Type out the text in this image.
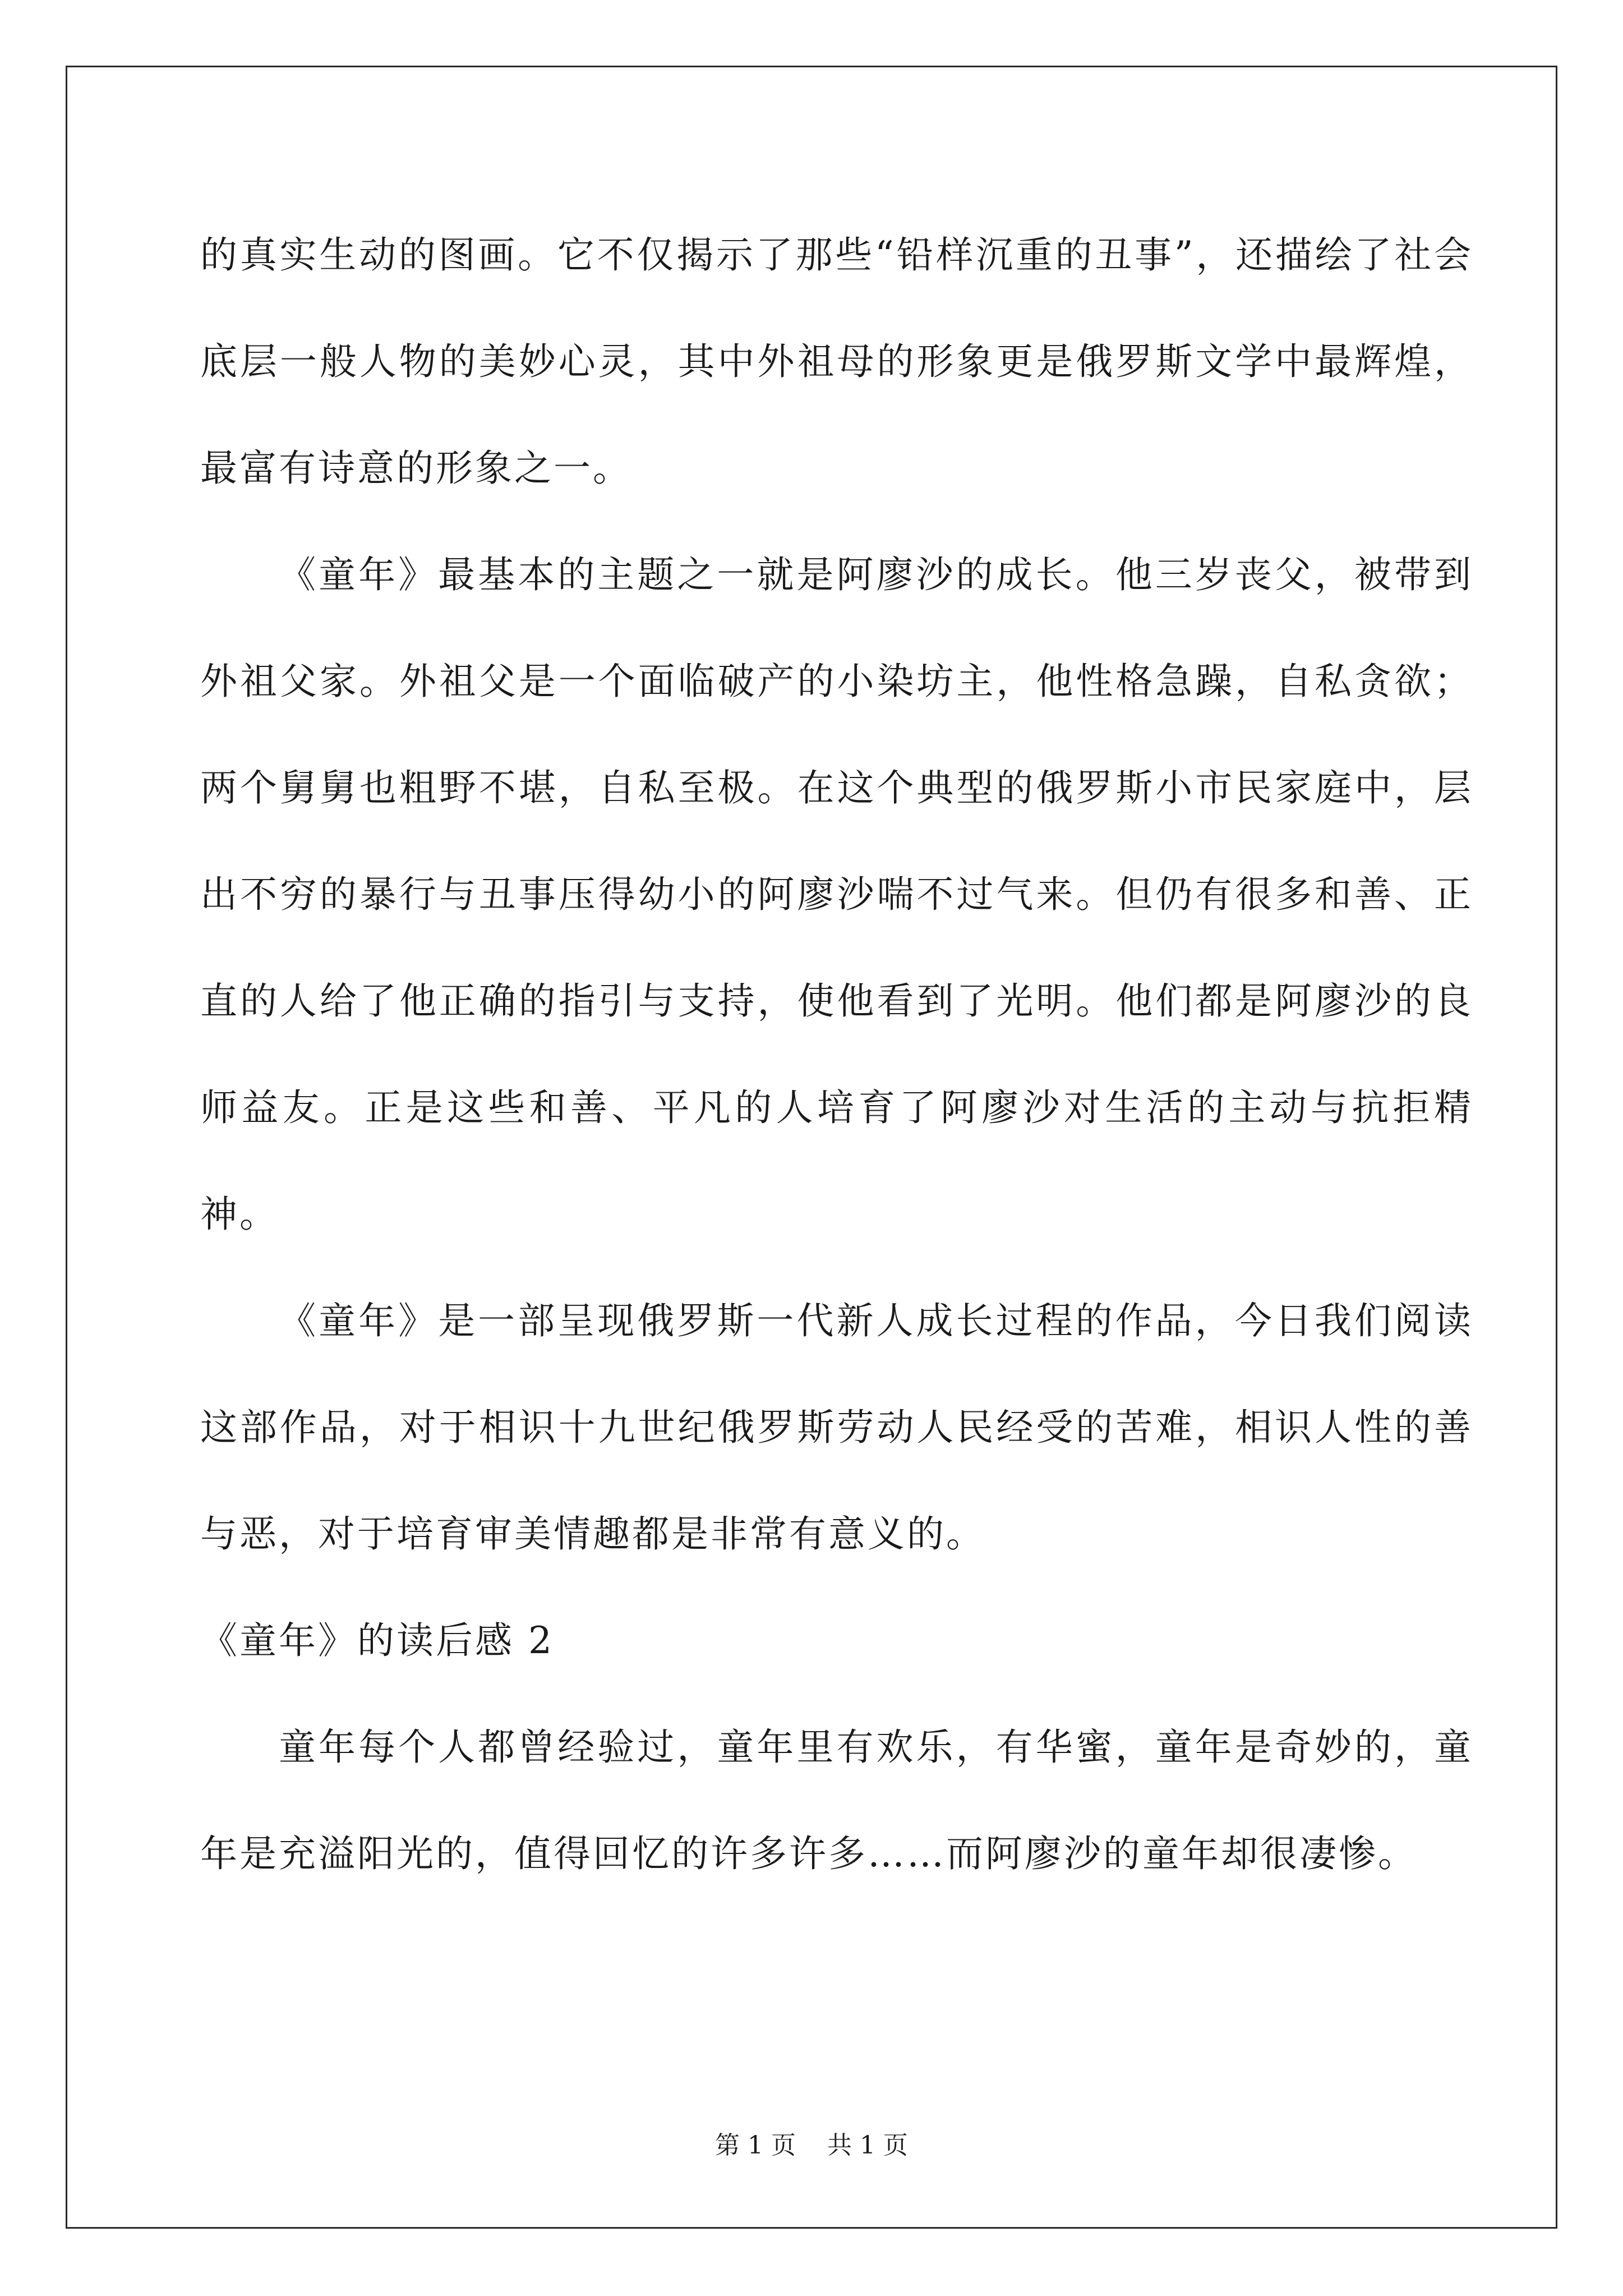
的真实生动的图画。它不仅揭示了那些“铅样沉重的丑事”，还描绘了社会底层一般人物的美妙心灵，其中外祖母的形象更是俄罗斯文学中最辉煌，最富有诗意的形象之一。

《童年》最基本的主题之一就是阿廖沙的成长。他三岁丧父，被带到外祖父家。外祖父是一个面临破产的小染坊主，他性格急躁，自私贪欲；两个舅舅也粗野不堪，自私至极。在这个典型的俄罗斯小市民家庭中，层出不穷的暴行与丑事压得幼小的阿廖沙喘不过气来。但仍有很多和善、正直的人给了他正确的指引与支持，使他看到了光明。他们都是阿廖沙的良师益友。正是这些和善、平凡的人培育了阿廖沙对生活的主动与抗拒精神。

《童年》是一部呈现俄罗斯一代新人成长过程的作品，今日我们阅读这部作品，对于相识十九世纪俄罗斯劳动人民经受的苦难，相识人性的善与恶，对于培育审美情趣都是非常有意义的。

《童年》的读后感 2

童年每个人都曾经验过，童年里有欢乐，有华蜜，童年是奇妙的，童年是充溢阳光的，值得回忆的许多许多……而阿廖沙的童年却很凄惨。

第 1 页 共 1 页
